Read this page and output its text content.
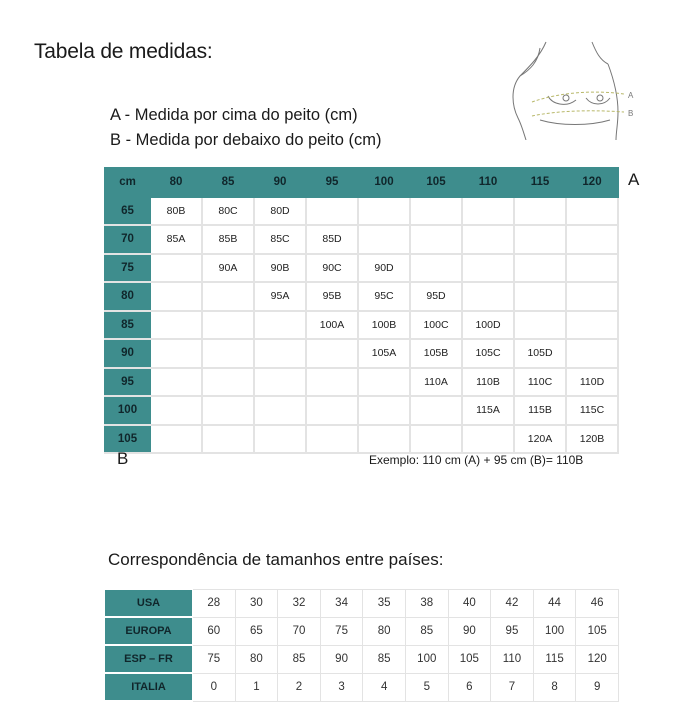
Tabela de medidas:
A - Medida por cima do peito (cm)
B - Medida por debaixo do peito (cm)
A
B
cm	80	85	90	95	100	105	110	115	120
65	80B	80C	80D						
70	85A	85B	85C	85D					
75		90A	90B	90C	90D				
80			95A	95B	95C	95D			
85				100A	100B	100C	100D		
90					105A	105B	105C	105D	
95						110A	110B	110C	110D
100							115A	115B	115C
105								120A	120B
A
B	Exemplo: 110 cm (A) + 95 cm (B)= 110B
Correspondência de tamanhos entre países:
USA	28	30	32	34	35	38	40	42	44	46
EUROPA	60	65	70	75	80	85	90	95	100	105
ESP – FR	75	80	85	90	85	100	105	110	115	120
ITALIA	0	1	2	3	4	5	6	7	8	9
